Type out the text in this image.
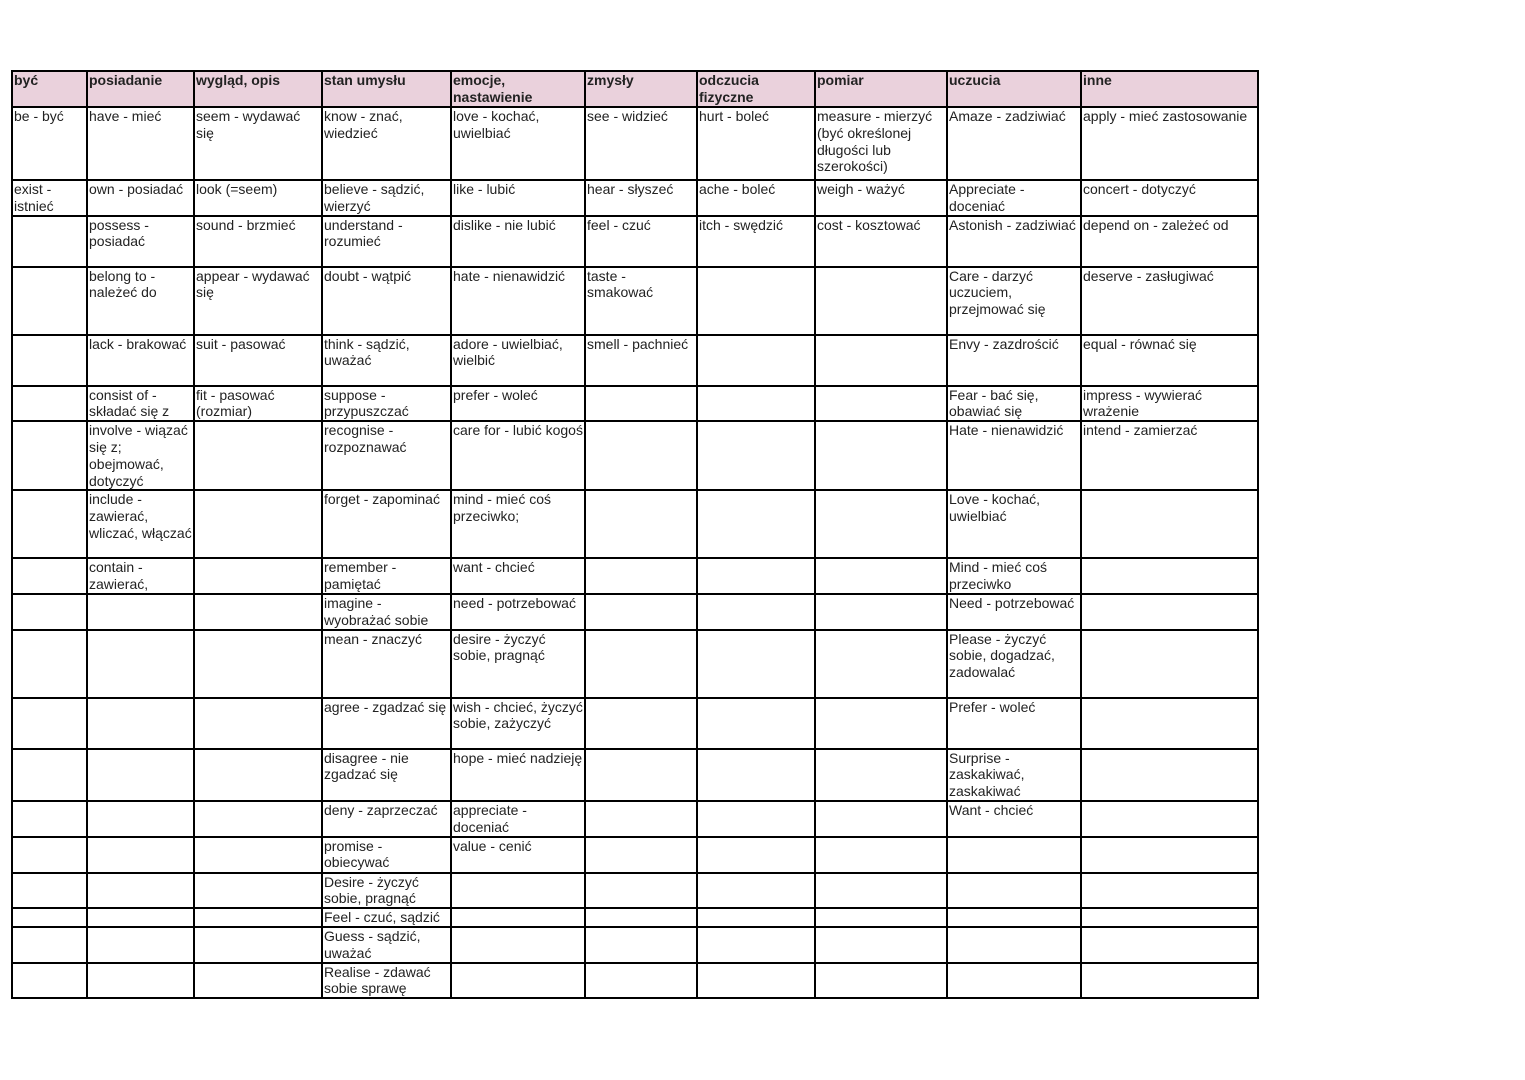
być	posiadanie	wygląd, opis	stan umysłu	emocje, nastawienie	zmysły	odczucia fizyczne	pomiar	uczucia	inne
be - być	have - mieć	seem - wydawać się	know - znać, wiedzieć	love - kochać, uwielbiać	see - widzieć	hurt - boleć	measure - mierzyć (być określonej długości lub szerokości)	Amaze - zadziwiać	apply - mieć zastosowanie
exist - istnieć	own - posiadać	look (=seem)	believe - sądzić, wierzyć	like - lubić	hear - słyszeć	ache - boleć	weigh - ważyć	Appreciate - doceniać	concert - dotyczyć
	possess - posiadać	sound - brzmieć	understand - rozumieć	dislike - nie lubić	feel - czuć	itch - swędzić	cost - kosztować	Astonish - zadziwiać	depend on - zależeć od
	belong to - należeć do	appear - wydawać się	doubt - wątpić	hate - nienawidzić	taste - smakować			Care - darzyć uczuciem, przejmować się	deserve - zasługiwać
	lack - brakować	suit - pasować	think - sądzić, uważać	adore - uwielbiać, wielbić	smell - pachnieć			Envy - zazdrościć	equal - równać się
	consist of - składać się z	fit - pasować (rozmiar)	suppose - przypuszczać	prefer - woleć				Fear - bać się, obawiać się	impress - wywierać wrażenie
	involve - wiązać się z; obejmować, dotyczyć		recognise - rozpoznawać	care for - lubić kogoś				Hate - nienawidzić	intend - zamierzać
	include - zawierać, wliczać, włączać		forget - zapominać	mind - mieć coś przeciwko;				Love - kochać, uwielbiać	
	contain - zawierać,		remember - pamiętać	want - chcieć				Mind - mieć coś przeciwko	
			imagine - wyobrażać sobie	need - potrzebować				Need - potrzebować	
			mean - znaczyć	desire - życzyć sobie, pragnąć				Please - życzyć sobie, dogadzać, zadowalać	
			agree - zgadzać się	wish - chcieć, życzyć sobie, zażyczyć				Prefer - woleć	
			disagree - nie zgadzać się	hope - mieć nadzieję				Surprise - zaskakiwać, zaskakiwać	
			deny - zaprzeczać	appreciate - doceniać				Want - chcieć	
			promise - obiecywać	value - cenić					
			Desire - życzyć sobie, pragnąć						
			Feel - czuć, sądzić						
			Guess - sądzić, uważać						
			Realise - zdawać sobie sprawę						
